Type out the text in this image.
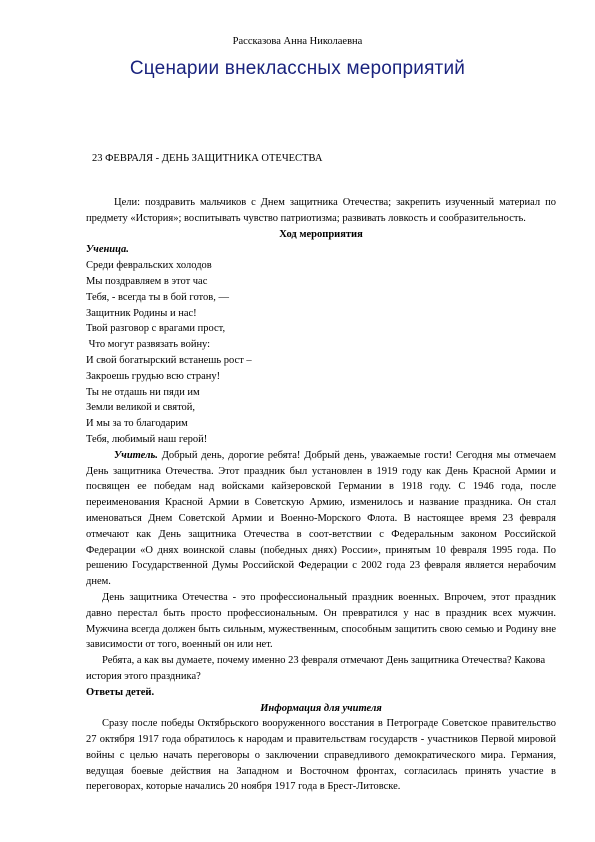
Рассказова Анна Николаевна
Сценарии внеклассных мероприятий
23 ФЕВРАЛЯ - ДЕНЬ ЗАЩИТНИКА ОТЕЧЕСТВА

Цели: поздравить мальчиков с Днем защитника Отечества; закрепить изученный материал по предмету «История»; воспитывать чувство патриотизма; развивать ловкость и сообразительность.

Ход мероприятия

Ученица.

Среди февральских холодов
Мы поздравляем в этот час
Тебя, - всегда ты в бой готов, —
Защитник Родины и нас!
Твой разговор с врагами прост,
Что могут развязать войну:
И свой богатырский встанешь рост –
Закроешь грудью всю страну!
Ты не отдашь ни пяди им
Земли великой и святой,
И мы за то благодарим
Тебя, любимый наш герой!

Учитель. Добрый день, дорогие ребята! Добрый день, уважаемые гости! Сегодня мы отмечаем День защитника Отечества. Этот праздник был установлен в 1919 году как День Красной Армии и посвящен ее победам над войсками кайзеровской Германии в 1918 году. С 1946 года, после переименования Красной Армии в Советскую Армию, изменилось и название праздника. Он стал именоваться Днем Советской Армии и Военно-Морского Флота. В настоящее время 23 февраля отмечают как День защитника Отечества в соот-ветствии с Федеральным законом Российской Федерации «О днях воинской славы (победных днях) России», принятым 10 февраля 1995 года. По решению Государственной Думы Российской Федерации с 2002 года 23 февраля является нерабочим днем.

День защитника Отечества - это профессиональный праздник военных. Впрочем, этот праздник давно перестал быть просто профессиональным. Он превратился у нас в праздник всех мужчин. Мужчина всегда должен быть сильным, мужественным, способным защитить свою семью и Родину вне зависимости от того, военный он или нет.

Ребята, а как вы думаете, почему именно 23 февраля отмечают День защитника Отечества? Какова история этого праздника?

Ответы детей.

Информация для учителя

Сразу после победы Октябрьского вооруженного восстания в Петрограде Советское правительство 27 октября 1917 года обратилось к народам и правительствам государств - участников Первой мировой войны с целью начать переговоры о заключении справедливого демократического мира. Германия, ведущая боевые действия на Западном и Восточном фронтах, согласилась принять участие в переговорах, которые начались 20 ноября 1917 года в Брест-Литовске.
